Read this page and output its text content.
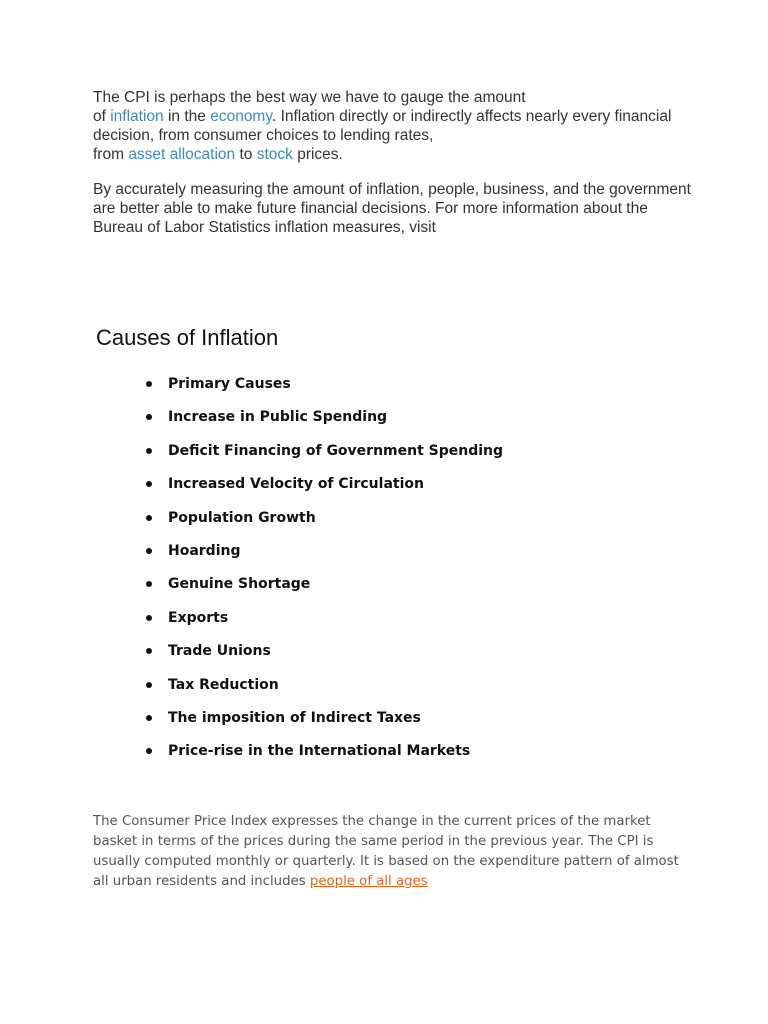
The CPI is perhaps the best way we have to gauge the amount
of inflation in the economy. Inflation directly or indirectly affects nearly every financial decision, from consumer choices to lending rates,
from asset allocation to stock prices.

By accurately measuring the amount of inflation, people, business, and the government are better able to make future financial decisions. For more information about the Bureau of Labor Statistics inflation measures, visit

Causes of Inflation
Primary Causes
Increase in Public Spending
Deficit Financing of Government Spending
Increased Velocity of Circulation
Population Growth
Hoarding
Genuine Shortage
Exports
Trade Unions
Tax Reduction
The imposition of Indirect Taxes
Price-rise in the International Markets

The Consumer Price Index expresses the change in the current prices of the market basket in terms of the prices during the same period in the previous year. The CPI is usually computed monthly or quarterly. It is based on the expenditure pattern of almost all urban residents and includes people of all ages
